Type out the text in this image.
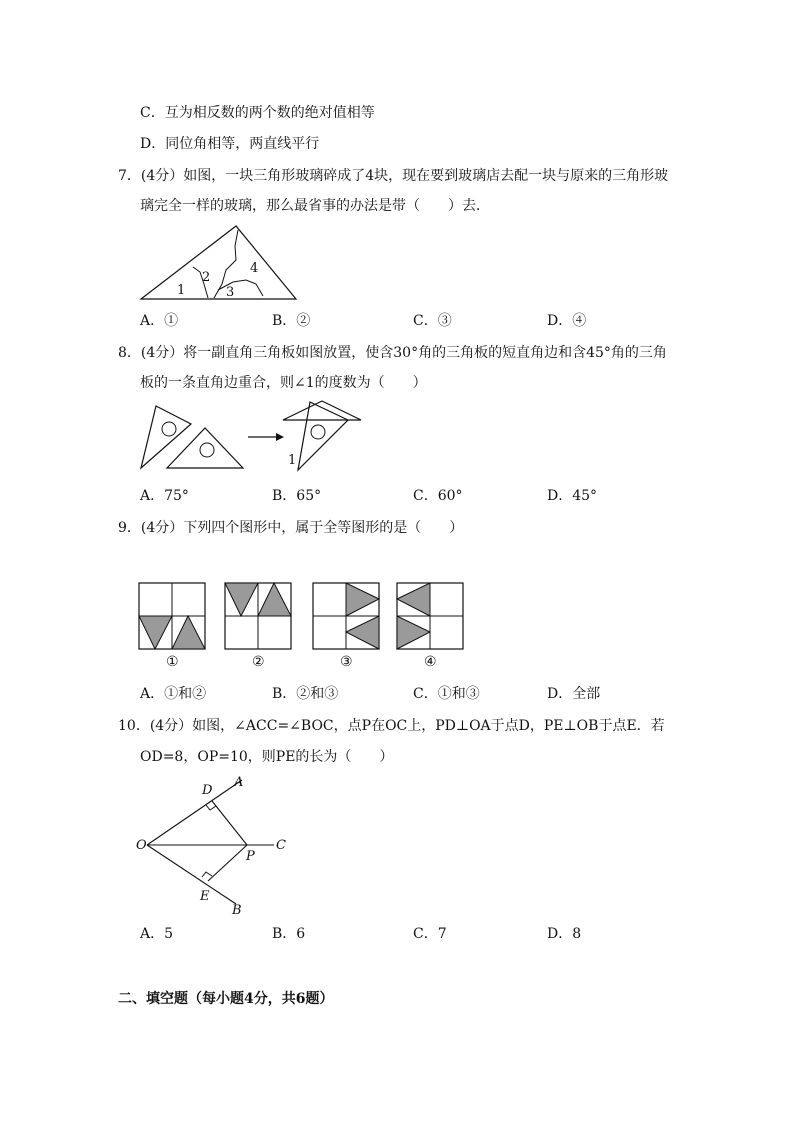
C．互为相反数的两个数的绝对值相等
D．同位角相等，两直线平行
7．(4分）如图，一块三角形玻璃碎成了4块，现在要到玻璃店去配一块与原来的三角形玻
璃完全一样的玻璃，那么最省事的办法是带（　　）去．
1
2
3
4
A．①	B．②	C．③	D．④
8．(4分）将一副直角三角板如图放置，使含30°角的三角板的短直角边和含45°角的三角
板的一条直角边重合，则∠1的度数为（　　）
1
A．75°	B．65°	C．60°	D．45°
9．(4分）下列四个图形中，属于全等图形的是（　　）
①	②	③	④
A．①和②	B．②和③	C．①和③	D．全部
10．(4分）如图，∠ACC=∠BOC，点P在OC上，PD⊥OA于点D，PE⊥OB于点E．若
OD=8，OP=10，则PE的长为（　　）
O
A
D
C
P
E
B
A．5	B．6	C．7	D．8
二、填空题（每小题4分，共6题）
